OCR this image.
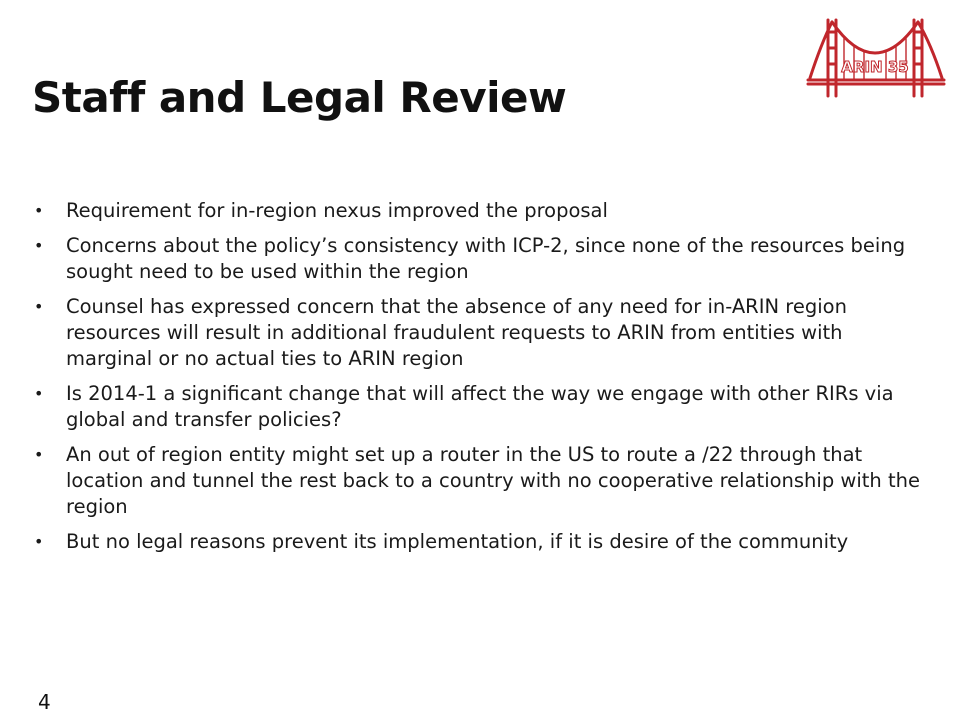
Staff and Legal Review
ARIN 35
• Requirement for in-region nexus improved the proposal
• Concerns about the policy’s consistency with ICP-2, since none of the resources being sought need to be used within the region
• Counsel has expressed concern that the absence of any need for in-ARIN region resources will result in additional fraudulent requests to ARIN from entities with marginal or no actual ties to ARIN region
• Is 2014-1 a significant change that will affect the way we engage with other RIRs via global and transfer policies?
• An out of region entity might set up a router in the US to route a /22 through that location and tunnel the rest back to a country with no cooperative relationship with the region
• But no legal reasons prevent its implementation, if it is desire of the community
4
